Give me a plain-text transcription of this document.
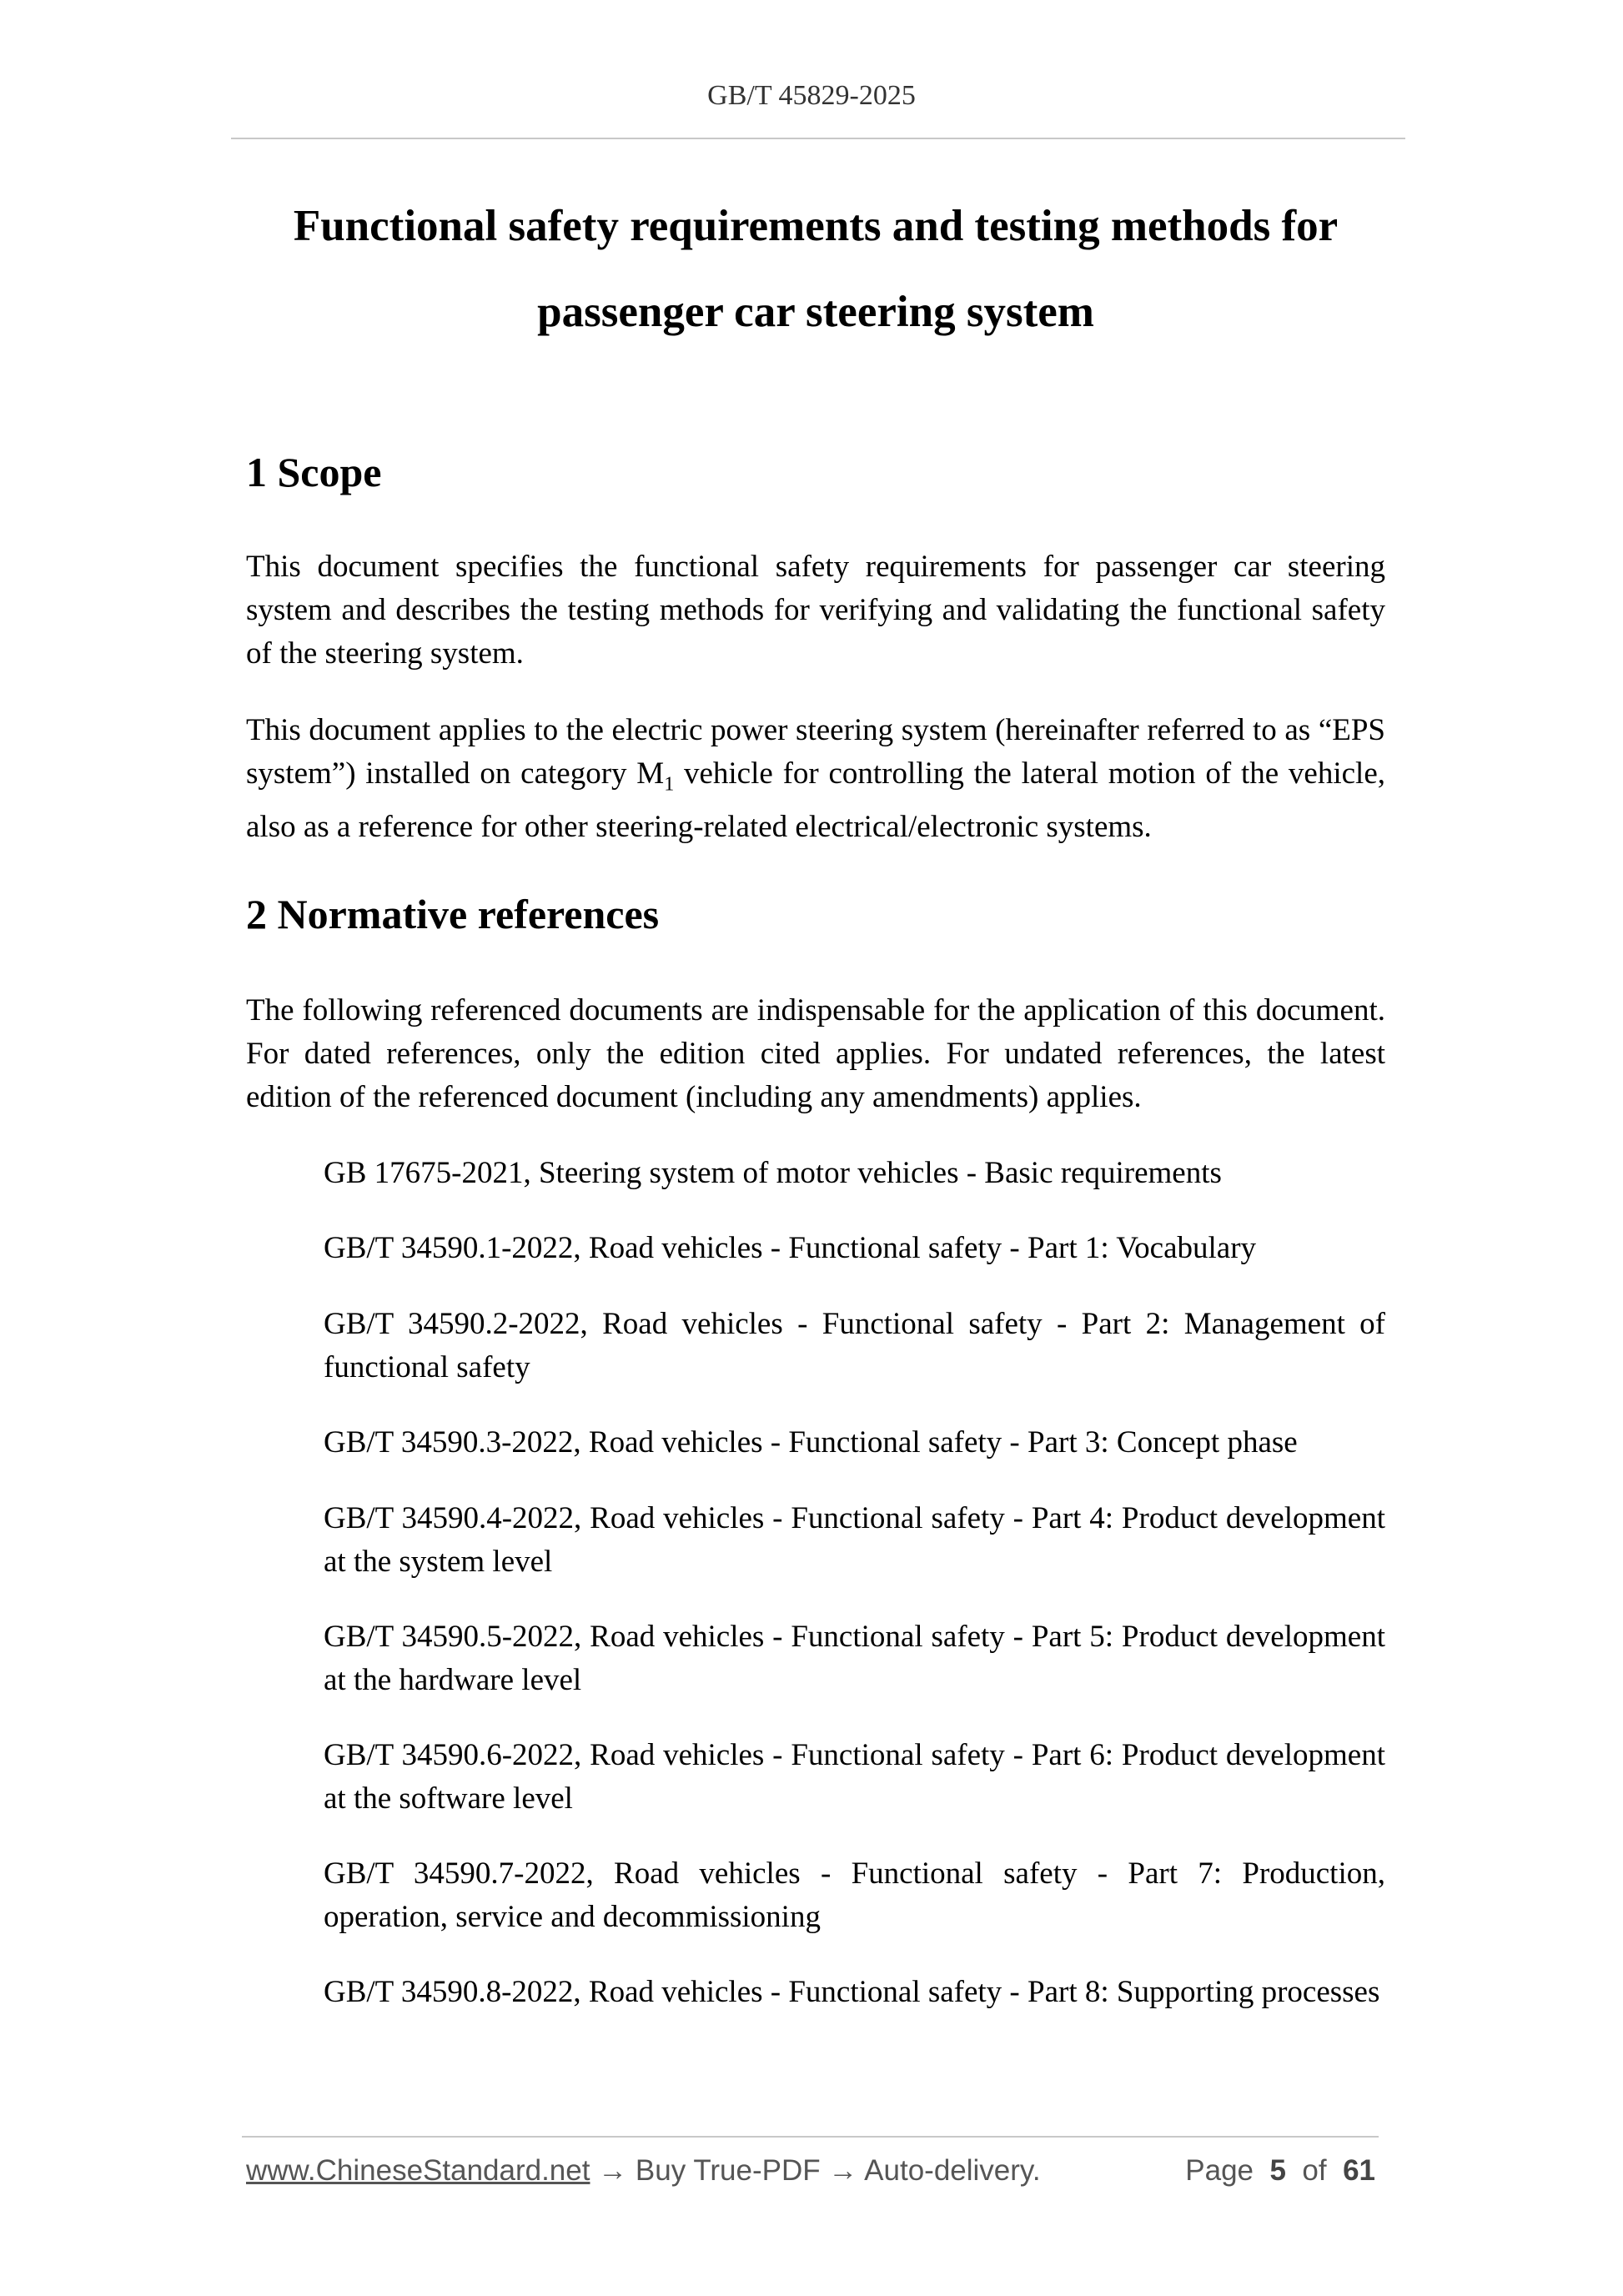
GB/T 45829-2025
Functional safety requirements and testing methods for
passenger car steering system
1 Scope

This document specifies the functional safety requirements for passenger car steering system and describes the testing methods for verifying and validating the functional safety of the steering system.

This document applies to the electric power steering system (hereinafter referred to as “EPS system”) installed on category $M_1$ vehicle for controlling the lateral motion of the vehicle, also as a reference for other steering-related electrical/electronic systems.

2 Normative references

The following referenced documents are indispensable for the application of this document. For dated references, only the edition cited applies. For undated references, the latest edition of the referenced document (including any amendments) applies.

GB 17675-2021, Steering system of motor vehicles - Basic requirements

GB/T 34590.1-2022, Road vehicles - Functional safety - Part 1: Vocabulary

GB/T 34590.2-2022, Road vehicles - Functional safety - Part 2: Management of functional safety

GB/T 34590.3-2022, Road vehicles - Functional safety - Part 3: Concept phase

GB/T 34590.4-2022, Road vehicles - Functional safety - Part 4: Product development at the system level

GB/T 34590.5-2022, Road vehicles - Functional safety - Part 5: Product development at the hardware level

GB/T 34590.6-2022, Road vehicles - Functional safety - Part 6: Product development at the software level

GB/T 34590.7-2022, Road vehicles - Functional safety - Part 7: Production, operation, service and decommissioning

GB/T 34590.8-2022, Road vehicles - Functional safety - Part 8: Supporting processes

www.ChineseStandard.net → Buy True-PDF → Auto-delivery.	Page 5 of 61
